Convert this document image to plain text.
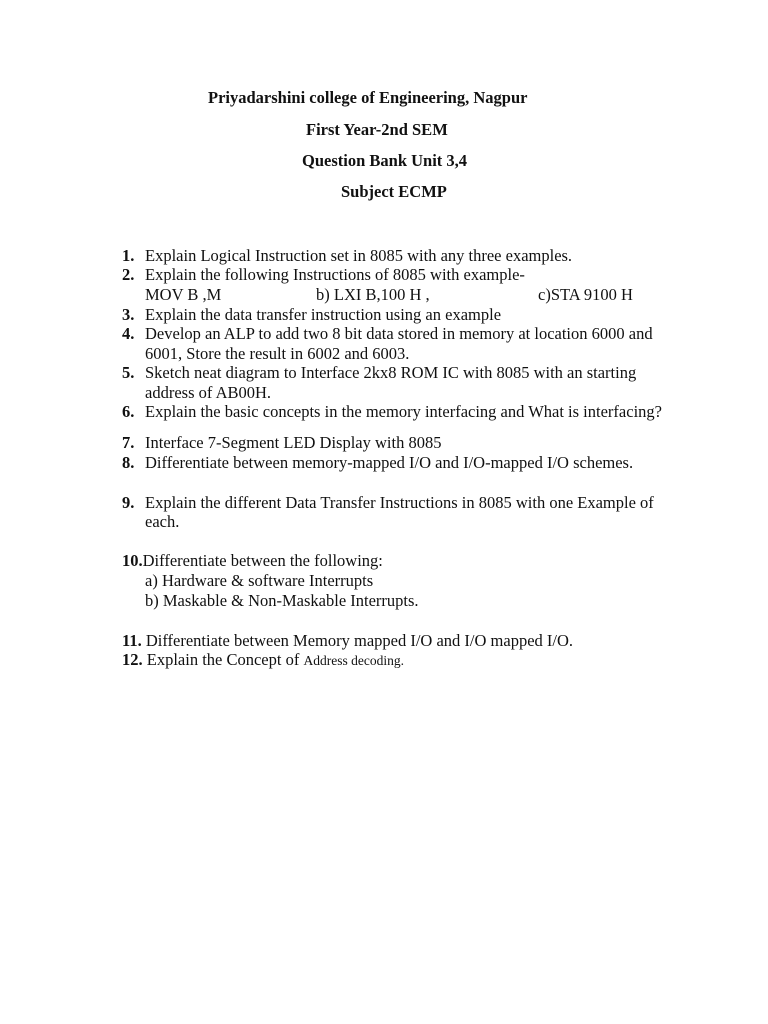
Priyadarshini college of Engineering, Nagpur
First Year-2nd SEM
Question Bank Unit 3,4
Subject ECMP
1. Explain Logical Instruction set in 8085 with any three examples.
2. Explain the following Instructions of 8085 with example-
MOV B ,M	b) LXI B,100 H ,	c)STA 9100 H
3. Explain the data transfer instruction using an example
4. Develop an ALP to add two 8 bit data stored in memory at location 6000 and
6001, Store the result in 6002 and 6003.
5. Sketch neat diagram to Interface 2kx8 ROM IC with 8085 with an starting
address of AB00H.
6. Explain the basic concepts in the memory interfacing and What is interfacing?
7. Interface 7-Segment LED Display with 8085
8. Differentiate between memory-mapped I/O and I/O-mapped I/O schemes.
9. Explain the different Data Transfer Instructions in 8085 with one Example of
each.
10.Differentiate between the following:
a) Hardware & software Interrupts
b) Maskable & Non-Maskable Interrupts.
11. Differentiate between Memory mapped I/O and I/O mapped I/O.
12. Explain the Concept of Address decoding.
